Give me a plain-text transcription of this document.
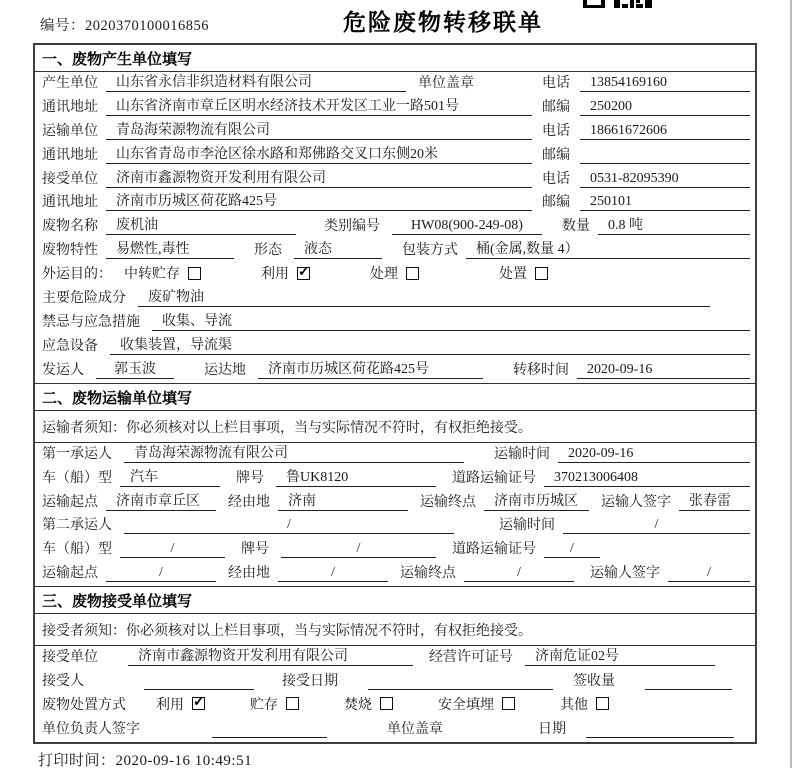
编号：2020370100016856	危险废物转移联单
一、废物产生单位填写
产生单位	山东省永信非织造材料有限公司	单位盖章	电话	13854169160
通讯地址	山东省济南市章丘区明水经济技术开发区工业一路501号	邮编	250200
运输单位	青岛海荣源物流有限公司	电话	18661672606
通讯地址	山东省青岛市李沧区徐水路和郑佛路交叉口东侧20米	邮编
接受单位	济南市鑫源物资开发利用有限公司	电话	0531-82095390
通讯地址	济南市历城区荷花路425号	邮编	250101
废物名称	废机油	类别编号	HW08(900-249-08)	数量	0.8 吨
废物特性	易燃性,毒性	形态	液态	包装方式	桶(金属,数量 4）
外运目的： 中转贮存	利用 ✓	处理	处置
主要危险成分	废矿物油
禁忌与应急措施	收集、导流
应急设备	收集装置，导流渠
发运人	郭玉波	运达地	济南市历城区荷花路425号	转移时间	2020-09-16
二、废物运输单位填写
运输者须知：你必须核对以上栏目事项，当与实际情况不符时，有权拒绝接受。
第一承运人	青岛海荣源物流有限公司	运输时间	2020-09-16
车（船）型	汽车	牌号	鲁UK8120	道路运输证号	370213006408
运输起点	济南市章丘区	经由地	济南	运输终点	济南市历城区	运输人签字	张春雷
第二承运人	/	运输时间	/
车（船）型	/	牌号	/	道路运输证号	/
运输起点	/	经由地	/	运输终点	/	运输人签字	/
三、废物接受单位填写
接受者须知：你必须核对以上栏目事项，当与实际情况不符时，有权拒绝接受。
接受单位	济南市鑫源物资开发利用有限公司	经营许可证号	济南危证02号
接受人	接受日期	签收量
废物处置方式 利用 ✓	贮存	焚烧	安全填埋	其他
单位负责人签字	单位盖章	日期
打印时间：2020-09-16 10:49:51
